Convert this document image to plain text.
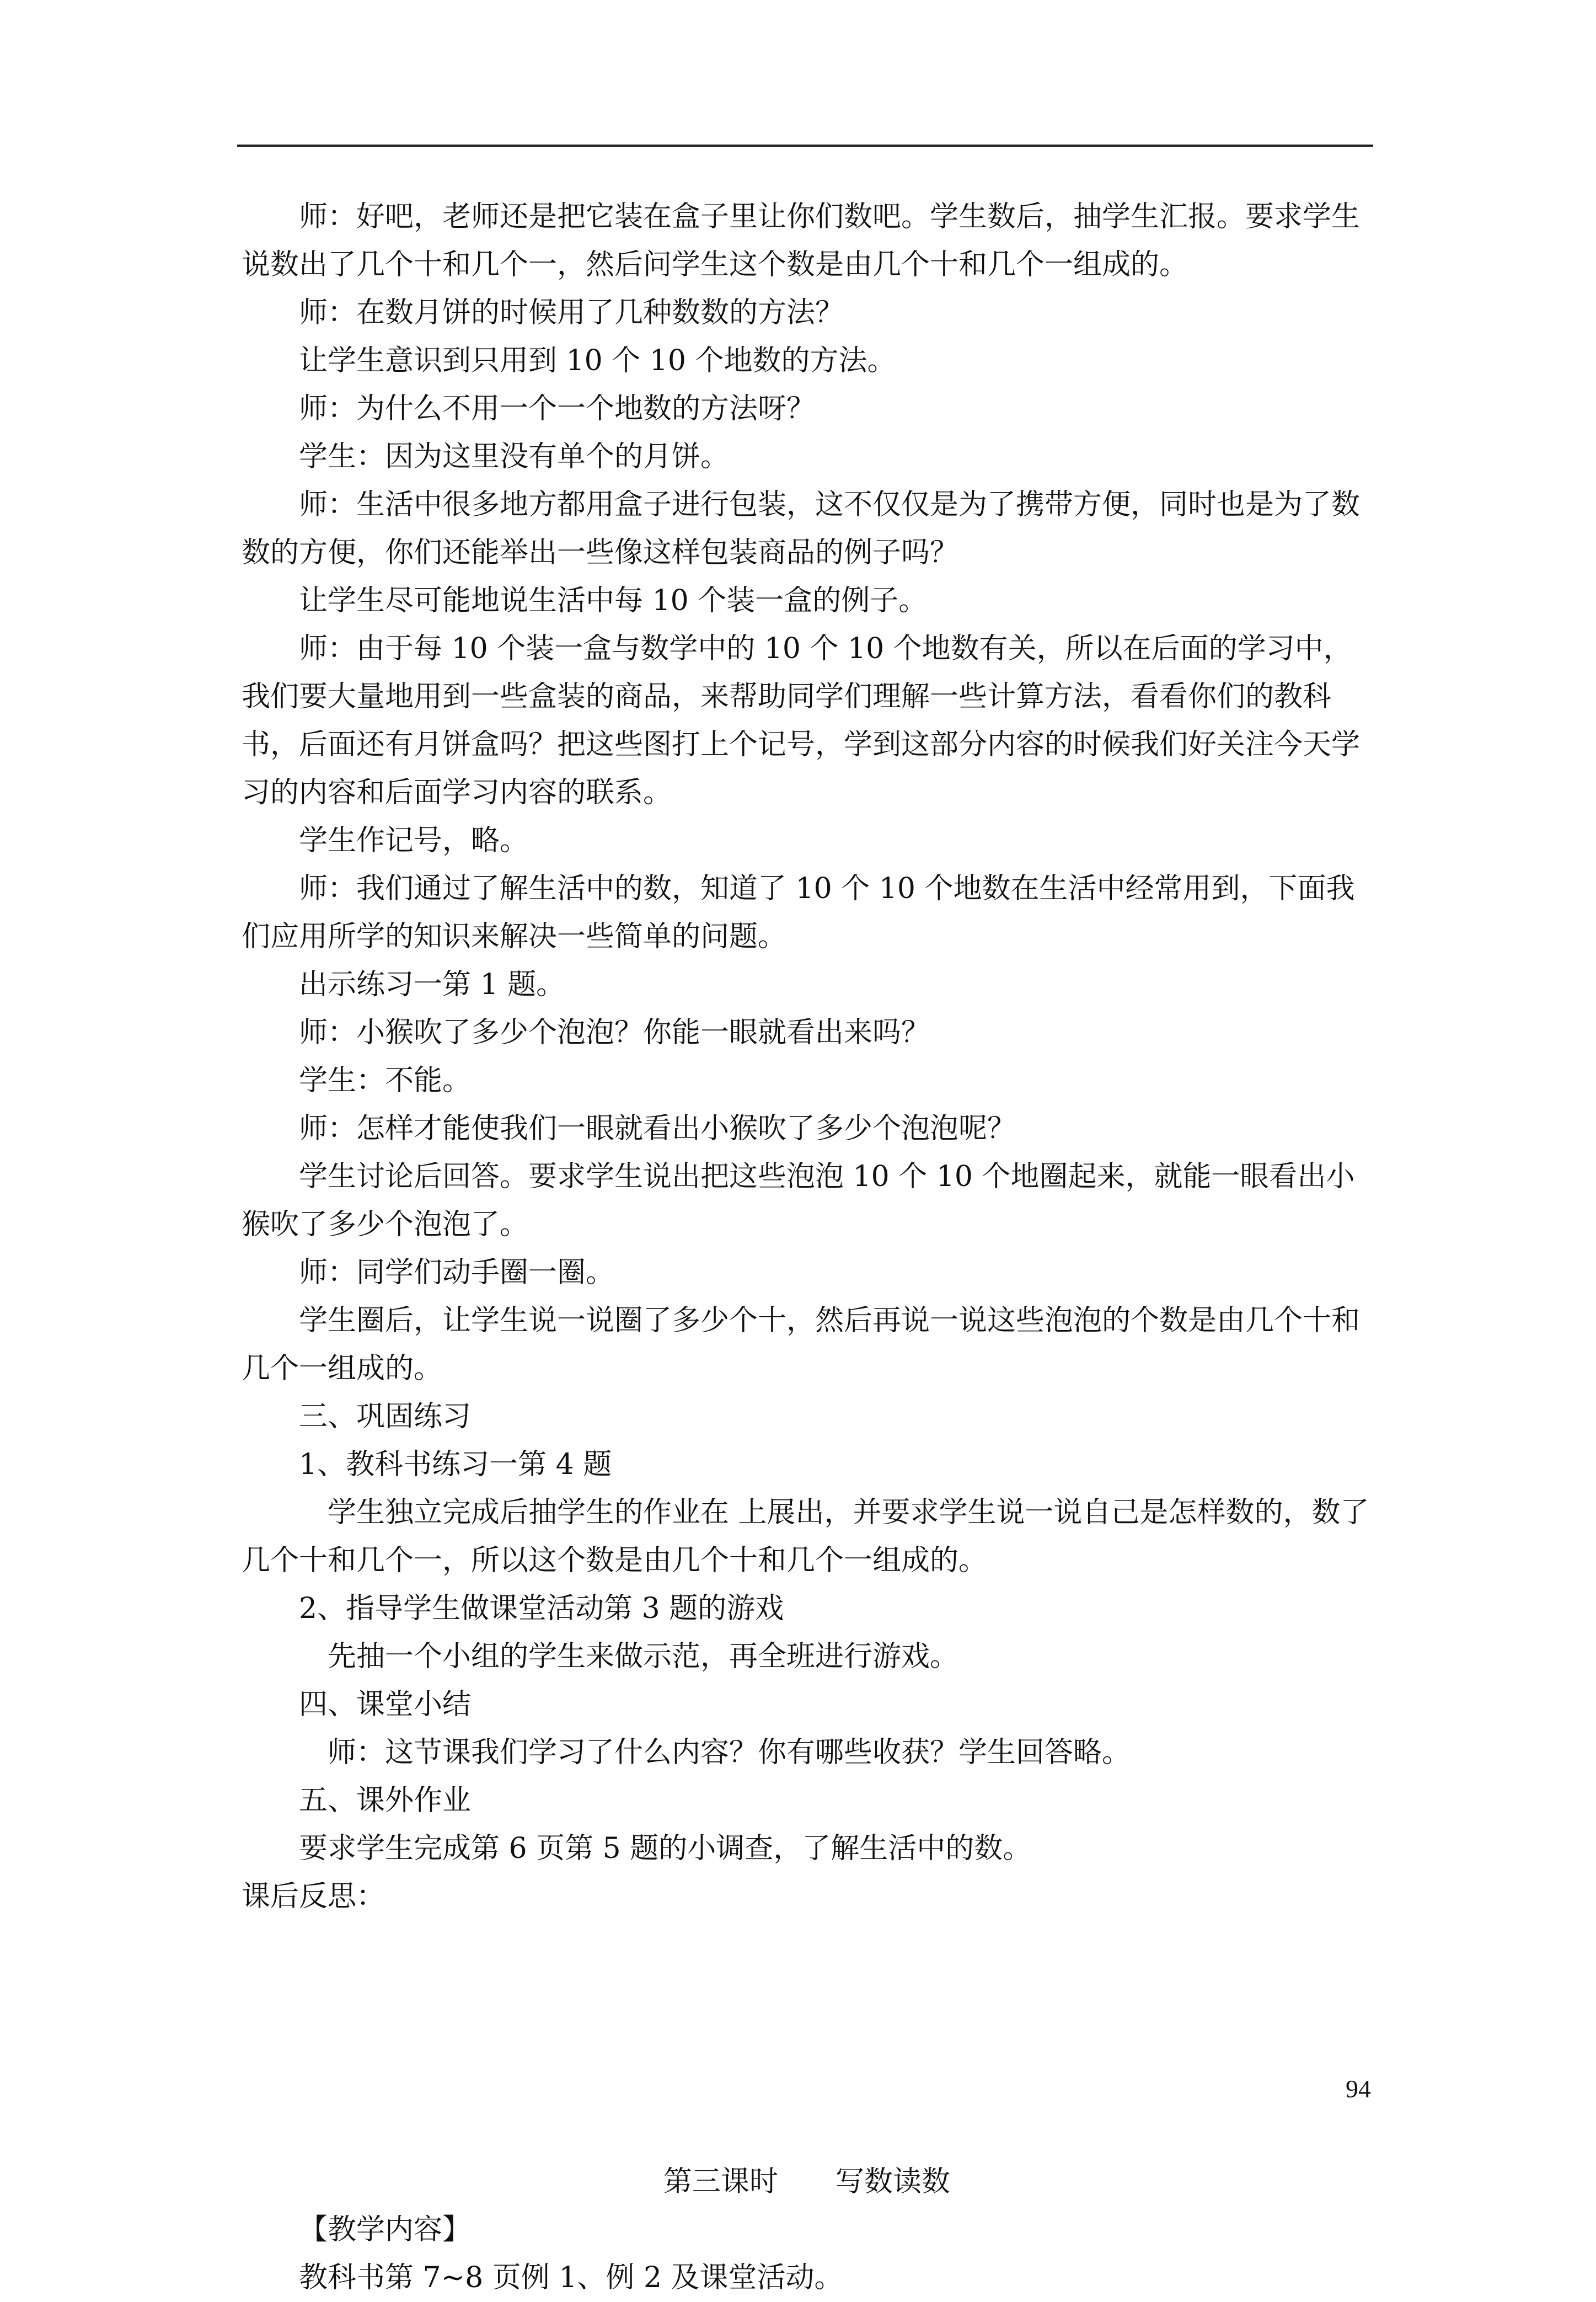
师：好吧，老师还是把它装在盒子里让你们数吧。学生数后，抽学生汇报。要求学生说数出了几个十和几个一，然后问学生这个数是由几个十和几个一组成的。

师：在数月饼的时候用了几种数数的方法？

让学生意识到只用到 10 个 10 个地数的方法。

师：为什么不用一个一个地数的方法呀？

学生：因为这里没有单个的月饼。

师：生活中很多地方都用盒子进行包装，这不仅仅是为了携带方便，同时也是为了数数的方便，你们还能举出一些像这样包装商品的例子吗？

让学生尽可能地说生活中每 10 个装一盒的例子。

师：由于每 10 个装一盒与数学中的 10 个 10 个地数有关，所以在后面的学习中，我们要大量地用到一些盒装的商品，来帮助同学们理解一些计算方法，看看你们的教科书，后面还有月饼盒吗？把这些图打上个记号，学到这部分内容的时候我们好关注今天学习的内容和后面学习内容的联系。

学生作记号，略。

师：我们通过了解生活中的数，知道了 10 个 10 个地数在生活中经常用到，下面我们应用所学的知识来解决一些简单的问题。

出示练习一第 1 题。

师：小猴吹了多少个泡泡？你能一眼就看出来吗？

学生：不能。

师：怎样才能使我们一眼就看出小猴吹了多少个泡泡呢？

学生讨论后回答。要求学生说出把这些泡泡 10 个 10 个地圈起来，就能一眼看出小猴吹了多少个泡泡了。

师：同学们动手圈一圈。

学生圈后，让学生说一说圈了多少个十，然后再说一说这些泡泡的个数是由几个十和几个一组成的。

三、巩固练习

1、教科书练习一第 4 题

学生独立完成后抽学生的作业在 上展出，并要求学生说一说自己是怎样数的，数了几个十和几个一，所以这个数是由几个十和几个一组成的。

2、指导学生做课堂活动第 3 题的游戏

先抽一个小组的学生来做示范，再全班进行游戏。

四、课堂小结

师：这节课我们学习了什么内容？你有哪些收获？学生回答略。

五、课外作业

要求学生完成第 6 页第 5 题的小调查，了解生活中的数。

课后反思：

第三课时　　写数读数

【教学内容】

教科书第 7~8 页例 1、例 2 及课堂活动。

94
